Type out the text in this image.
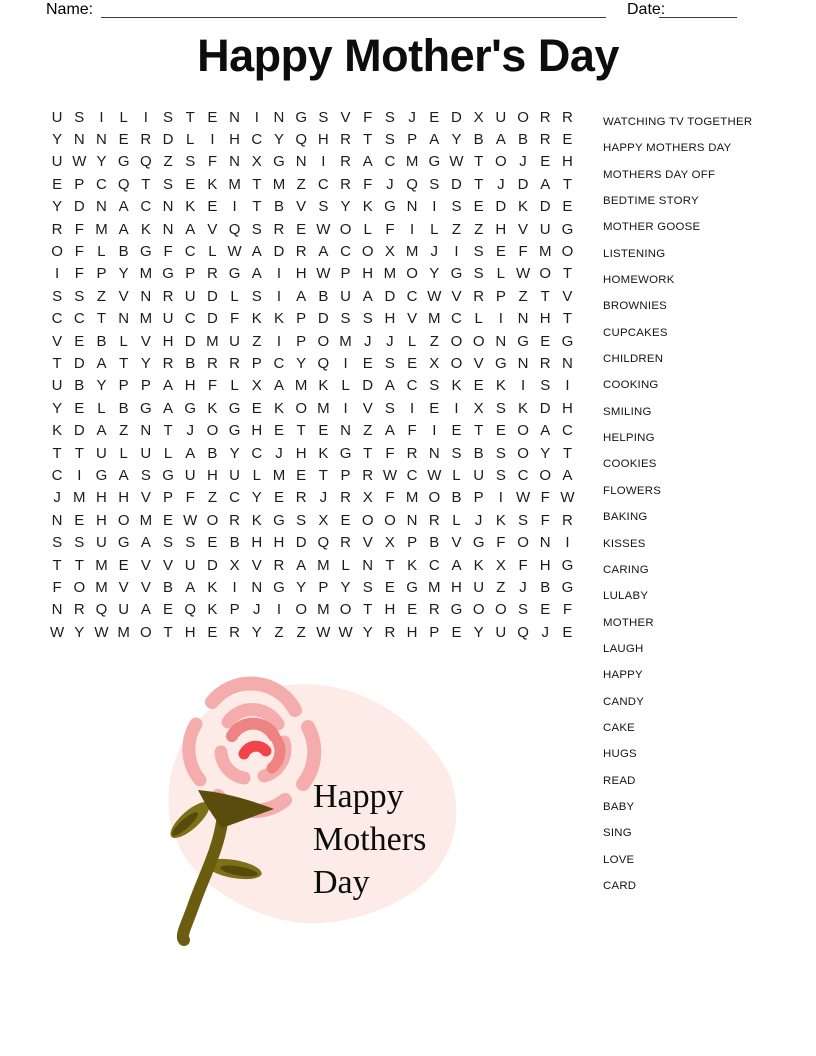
Name:	Date:
Happy Mother's Day
U S	I	L	I	S T E N I N G S V F S J E D X U O R R
Y N N E R D L	I H C Y Q H R T S P A Y B A B R E
U W Y G Q Z S F N X G N I R A C M G W T O J E H
E P C Q T S E K M T M Z C R F J Q S D T J D A T
Y D N A C N K E	I	T B V S Y K G N I	S E D K D E
R F M A K N A V Q S R E W O L F	I	L Z Z H V U G
O F L B G F C L W A D R A C O X M J	I	S E F M O
I	F P Y M G P R G A	I H W P H M O Y G S L W O T
S S Z V N R U D L S	I	A B U A D C W V R P Z T V
C C T N M U C D F K K P D S S H V M C L	I N H T
V E B L V H D M U Z	I	P O M J J L Z O O N G E G
T D A T Y R B R R P C Y Q I	E S E X O V G N R N
U B Y P P A H F L X A M K L D A C S K E K	I	S	I
Y E L B G A G K G E K O M I	V S	I	E	I	X S K D H
K D A Z N T J O G H E T E N Z A F	I	E T E O A C
T T U L U L A B Y C J H K G T F R N S B S O Y T
C I G A S G U H U L M E T P R W C W L U S C O A
J M H H V P F Z C Y E R J R X F M O B P	I W F W
N E H O M E W O R K G S X E O O N R L J K S F R
S S U G A S S E B H H D Q R V X P B V G F O N I
T T M E V V U D X V R A M L N T K C A K X F H G
F O M V V B A K	I N G Y P Y S E G M H U Z J B G
N R Q U A E Q K P J	I O M O T H E R G O O S E F
W Y W M O T H E R Y Z Z W W Y R H P E Y U Q J E
WATCHING TV TOGETHER
HAPPY MOTHERS DAY
MOTHERS DAY OFF
BEDTIME STORY
MOTHER GOOSE
LISTENING
HOMEWORK
BROWNIES
CUPCAKES
CHILDREN
COOKING
SMILING
HELPING
COOKIES
FLOWERS
BAKING
KISSES
CARING
LULABY
MOTHER
LAUGH
HAPPY
CANDY
CAKE
HUGS
READ
BABY
SING
LOVE
CARD
Happy
Mothers
Day
